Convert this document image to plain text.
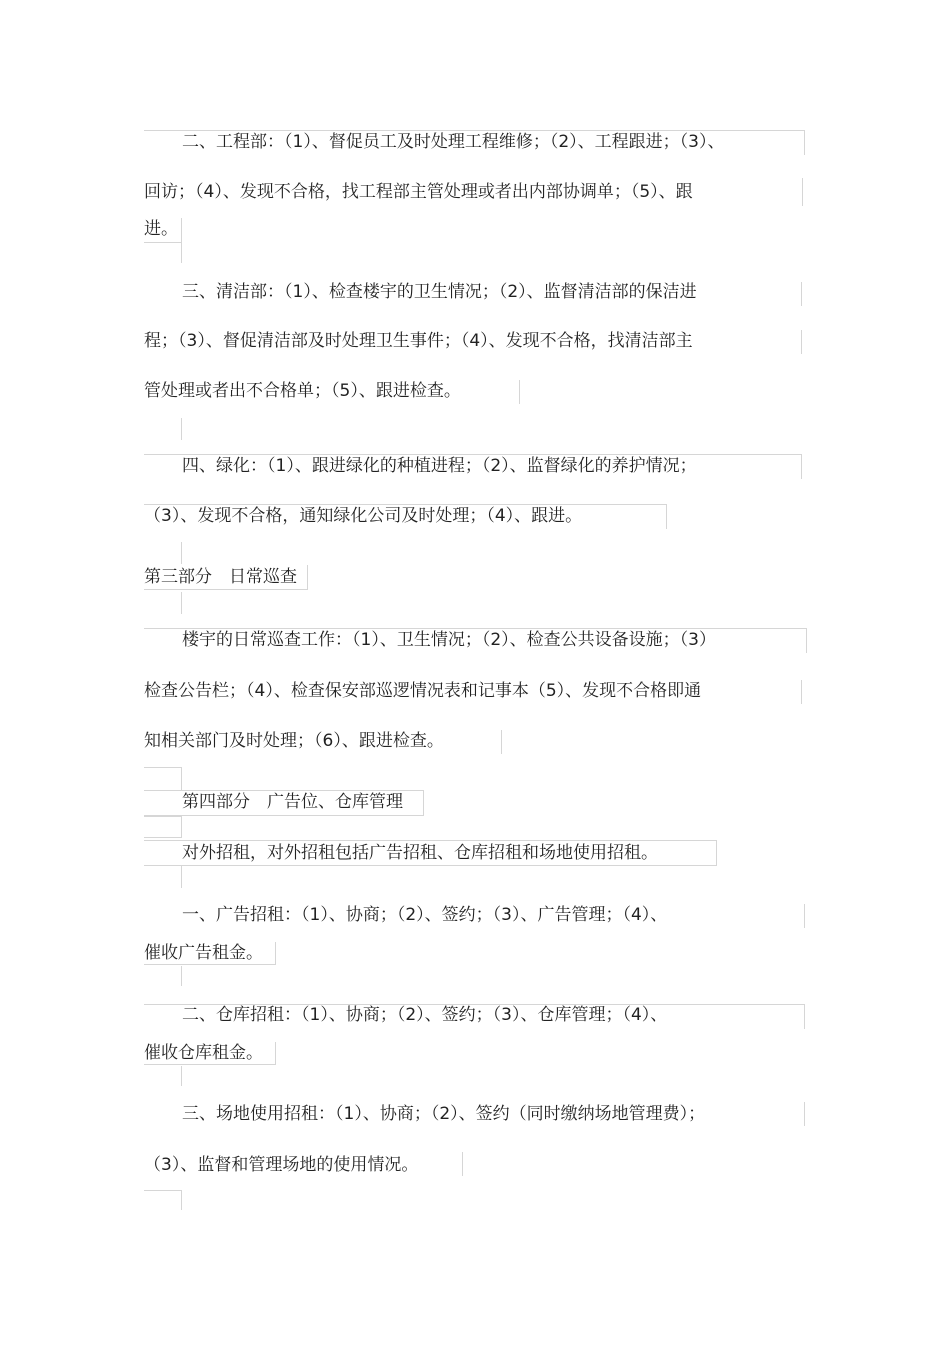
二、工程部：（1）、督促员工及时处理工程维修；（2）、工程跟进；（3）、
回访；（4）、发现不合格，找工程部主管处理或者出内部协调单；（5）、跟
进。
三、清洁部：（1）、检查楼宇的卫生情况；（2）、监督清洁部的保洁进
程；（3）、督促清洁部及时处理卫生事件；（4）、发现不合格，找清洁部主
管处理或者出不合格单；（5）、跟进检查。
四、绿化：（1）、跟进绿化的种植进程；（2）、监督绿化的养护情况；
（3）、发现不合格，通知绿化公司及时处理；（4）、跟进。
第三部分　日常巡查
楼宇的日常巡查工作：（1）、卫生情况；（2）、检查公共设备设施；（3）
检查公告栏；（4）、检查保安部巡逻情况表和记事本（5）、发现不合格即通
知相关部门及时处理；（6）、跟进检查。
第四部分　广告位、仓库管理
对外招租，对外招租包括广告招租、仓库招租和场地使用招租。
一、广告招租：（1）、协商；（2）、签约；（3）、广告管理；（4）、
催收广告租金。
二、仓库招租：（1）、协商；（2）、签约；（3）、仓库管理；（4）、
催收仓库租金。
三、场地使用招租：（1）、协商；（2）、签约（同时缴纳场地管理费）；
（3）、监督和管理场地的使用情况。
